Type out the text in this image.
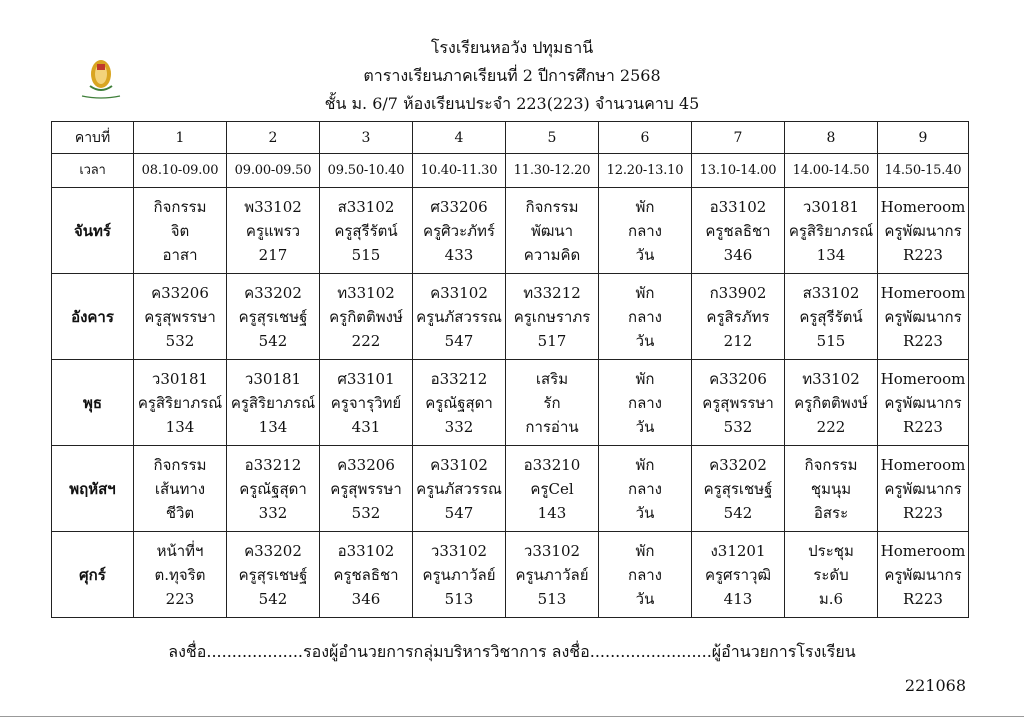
โรงเรียนหอวัง ปทุมธานี
ตารางเรียนภาคเรียนที่ 2 ปีการศึกษา 2568
ชั้น ม. 6/7 ห้องเรียนประจำ 223(223) จำนวนคาบ 45
คาบที่	1	2	3	4	5	6	7	8	9
เวลา	08.10-09.00	09.00-09.50	09.50-10.40	10.40-11.30	11.30-12.20	12.20-13.10	13.10-14.00	14.00-14.50	14.50-15.40
จันทร์	กิจกรรม
จิต
อาสา	พ33102
ครูแพรว
217	ส33102
ครูสุรีรัตน์
515	ศ33206
ครูศิวะภัทร์
433	กิจกรรม
พัฒนา
ความคิด	พัก
กลาง
วัน	อ33102
ครูชลธิชา
346	ว30181
ครูสิริยาภรณ์
134	Homeroom
ครูพัฒนากร
R223

อังคาร	ค33206
ครูสุพรรษา
532	ค33202
ครูสุรเชษฐ์
542	ท33102
ครูกิตติพงษ์
222	ค33102
ครูนภัสวรรณ
547	ท33212
ครูเกษราภร
517	พัก
กลาง
วัน	ก33902
ครูสิรภัทร
212	ส33102
ครูสุรีรัตน์
515	Homeroom
ครูพัฒนากร
R223

พุธ	ว30181
ครูสิริยาภรณ์
134	ว30181
ครูสิริยาภรณ์
134	ศ33101
ครูจารุวิทย์
431	อ33212
ครูณัฐสุดา
332	เสริม
รัก
การอ่าน	พัก
กลาง
วัน	ค33206
ครูสุพรรษา
532	ท33102
ครูกิตติพงษ์
222	Homeroom
ครูพัฒนากร
R223

พฤหัสฯ	กิจกรรม
เส้นทาง
ชีวิต	อ33212
ครูณัฐสุดา
332	ค33206
ครูสุพรรษา
532	ค33102
ครูนภัสวรรณ
547	อ33210
ครูCel
143	พัก
กลาง
วัน	ค33202
ครูสุรเชษฐ์
542	กิจกรรม
ชุมนุม
อิสระ	Homeroom
ครูพัฒนากร
R223

ศุกร์	หน้าที่ฯ
ต.ทุจริต
223	ค33202
ครูสุรเชษฐ์
542	อ33102
ครูชลธิชา
346	ว33102
ครูนภาวัลย์
513	ว33102
ครูนภาวัลย์
513	พัก
กลาง
วัน	ง31201
ครูศราวุฒิ
413	ประชุม
ระดับ
ม.6	Homeroom
ครูพัฒนากร
R223
ลงชื่อ...................รองผู้อำนวยการกลุ่มบริหารวิชาการ ลงชื่อ........................ผู้อำนวยการโรงเรียน
221068
